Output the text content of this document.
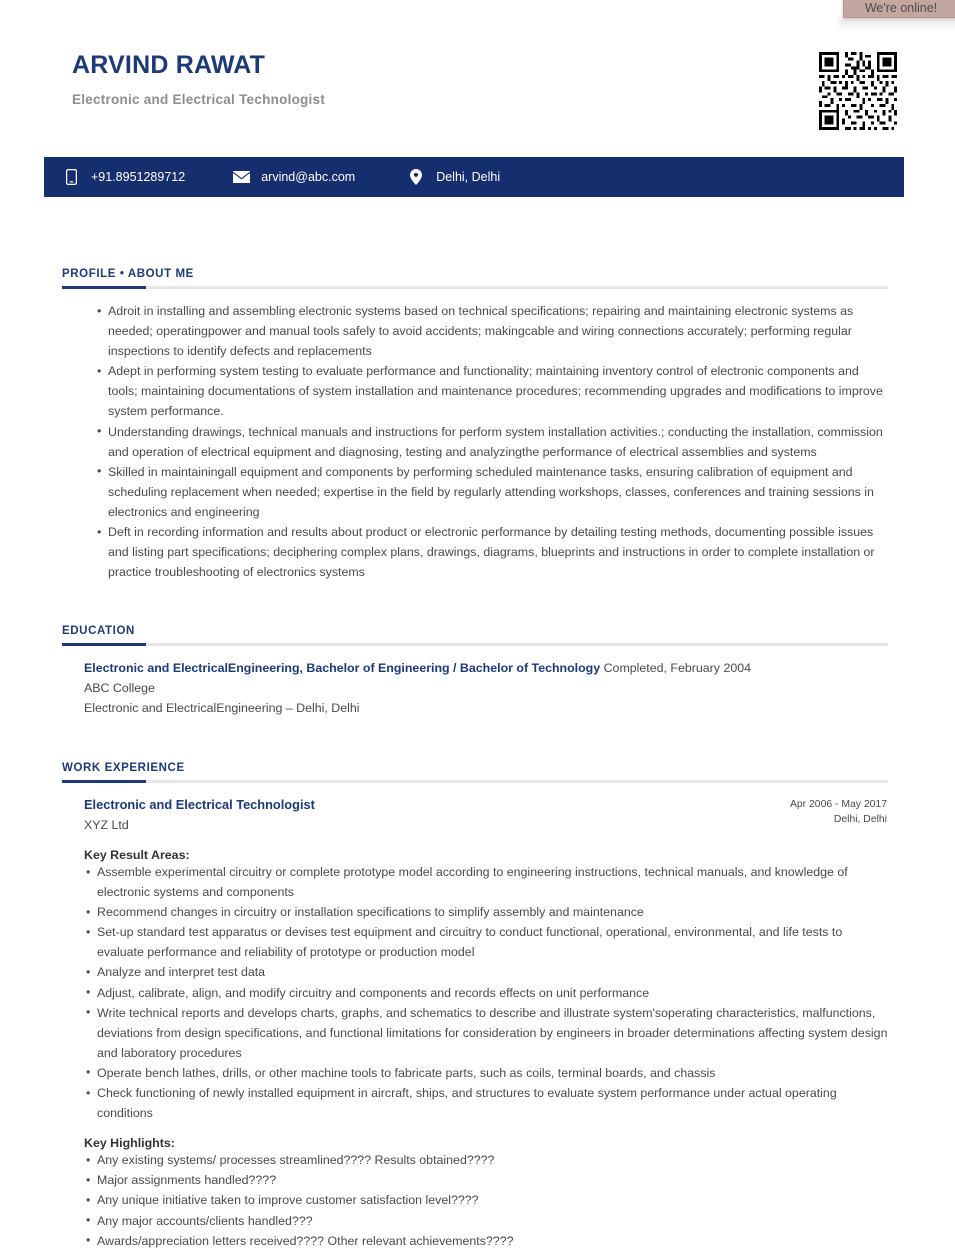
We're online!
ARVIND RAWAT
Electronic and Electrical Technologist
+91.8951289712	arvind@abc.com	Delhi, Delhi
PROFILE • ABOUT ME
• Adroit in installing and assembling electronic systems based on technical specifications; repairing and maintaining electronic systems as needed; operatingpower and manual tools safely to avoid accidents; makingcable and wiring connections accurately; performing regular inspections to identify defects and replacements
• Adept in performing system testing to evaluate performance and functionality; maintaining inventory control of electronic components and tools; maintaining documentations of system installation and maintenance procedures; recommending upgrades and modifications to improve system performance.
• Understanding drawings, technical manuals and instructions for perform system installation activities.; conducting the installation, commission and operation of electrical equipment and diagnosing, testing and analyzingthe performance of electrical assemblies and systems
• Skilled in maintainingall equipment and components by performing scheduled maintenance tasks, ensuring calibration of equipment and scheduling replacement when needed; expertise in the field by regularly attending workshops, classes, conferences and training sessions in electronics and engineering
• Deft in recording information and results about product or electronic performance by detailing testing methods, documenting possible issues and listing part specifications; deciphering complex plans, drawings, diagrams, blueprints and instructions in order to complete installation or practice troubleshooting of electronics systems
EDUCATION
Electronic and ElectricalEngineering, Bachelor of Engineering / Bachelor of Technology Completed, February 2004
ABC College
Electronic and ElectricalEngineering – Delhi, Delhi
WORK EXPERIENCE
Electronic and Electrical Technologist
XYZ Ltd
Apr 2006 - May 2017
Delhi, Delhi
Key Result Areas:
• Assemble experimental circuitry or complete prototype model according to engineering instructions, technical manuals, and knowledge of electronic systems and components
• Recommend changes in circuitry or installation specifications to simplify assembly and maintenance
• Set-up standard test apparatus or devises test equipment and circuitry to conduct functional, operational, environmental, and life tests to evaluate performance and reliability of prototype or production model
• Analyze and interpret test data
• Adjust, calibrate, align, and modify circuitry and components and records effects on unit performance
• Write technical reports and develops charts, graphs, and schematics to describe and illustrate system'soperating characteristics, malfunctions, deviations from design specifications, and functional limitations for consideration by engineers in broader determinations affecting system design and laboratory procedures
• Operate bench lathes, drills, or other machine tools to fabricate parts, such as coils, terminal boards, and chassis
• Check functioning of newly installed equipment in aircraft, ships, and structures to evaluate system performance under actual operating conditions
Key Highlights:
• Any existing systems/ processes streamlined???? Results obtained????
• Major assignments handled????
• Any unique initiative taken to improve customer satisfaction level????
• Any major accounts/clients handled???
• Awards/appreciation letters received???? Other relevant achievements????
